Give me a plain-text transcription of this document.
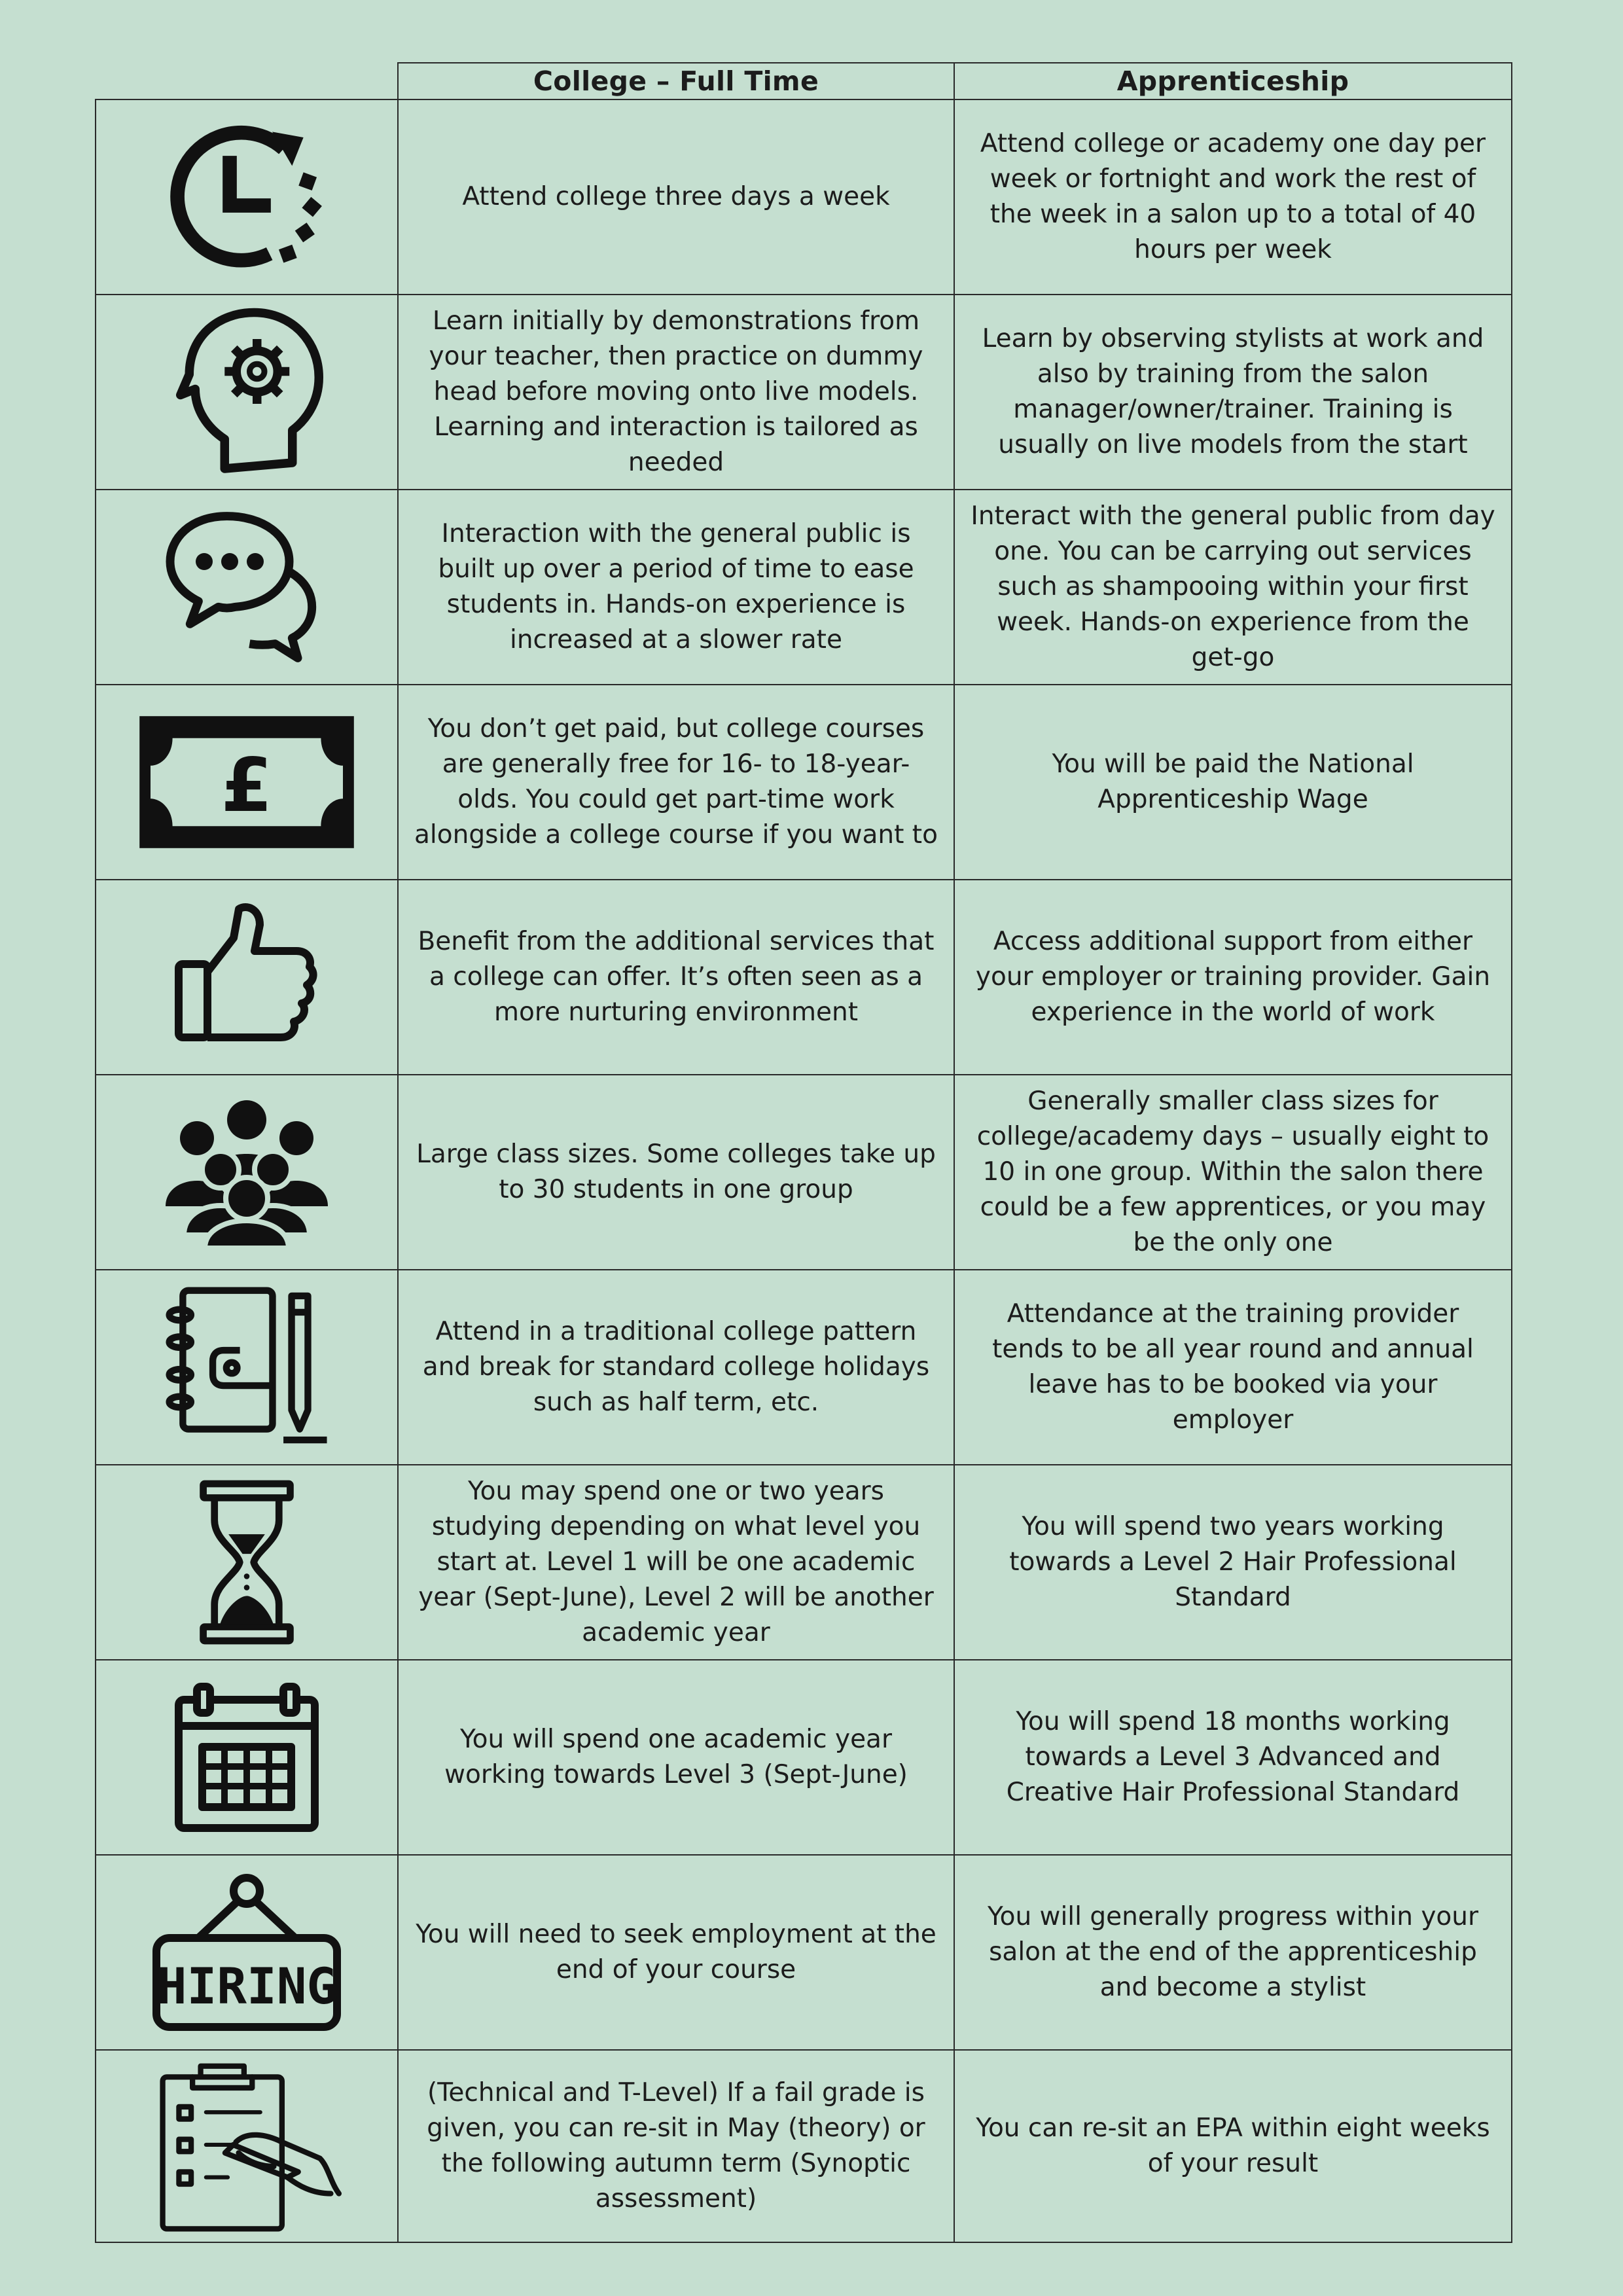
College – Full Time	Apprenticeship
Attend college three days a week
Attend college or academy one day per week or fortnight and work the rest of the week in a salon up to a total of 40 hours per week
Learn initially by demonstrations from your teacher, then practice on dummy head before moving onto live models. Learning and interaction is tailored as needed
Learn by observing stylists at work and also by training from the salon manager/owner/trainer. Training is usually on live models from the start
Interaction with the general public is built up over a period of time to ease students in. Hands-on experience is increased at a slower rate
Interact with the general public from day one. You can be carrying out services such as shampooing within your first week. Hands-on experience from the get-go
£
You don’t get paid, but college courses are generally free for 16- to 18-year-olds. You could get part-time work alongside a college course if you want to
You will be paid the National Apprenticeship Wage
Benefit from the additional services that a college can offer. It’s often seen as a more nurturing environment
Access additional support from either your employer or training provider. Gain experience in the world of work
Large class sizes. Some colleges take up to 30 students in one group
Generally smaller class sizes for college/academy days – usually eight to 10 in one group. Within the salon there could be a few apprentices, or you may be the only one
Attend in a traditional college pattern and break for standard college holidays such as half term, etc.
Attendance at the training provider tends to be all year round and annual leave has to be booked via your employer
You may spend one or two years studying depending on what level you start at. Level 1 will be one academic year (Sept-June), Level 2 will be another academic year
You will spend two years working towards a Level 2 Hair Professional Standard
You will spend one academic year working towards Level 3 (Sept-June)
You will spend 18 months working towards a Level 3 Advanced and Creative Hair Professional Standard
HIRING
You will need to seek employment at the end of your course
You will generally progress within your salon at the end of the apprenticeship and become a stylist
(Technical and T-Level) If a fail grade is given, you can re-sit in May (theory) or the following autumn term (Synoptic assessment)
You can re-sit an EPA within eight weeks of your result
